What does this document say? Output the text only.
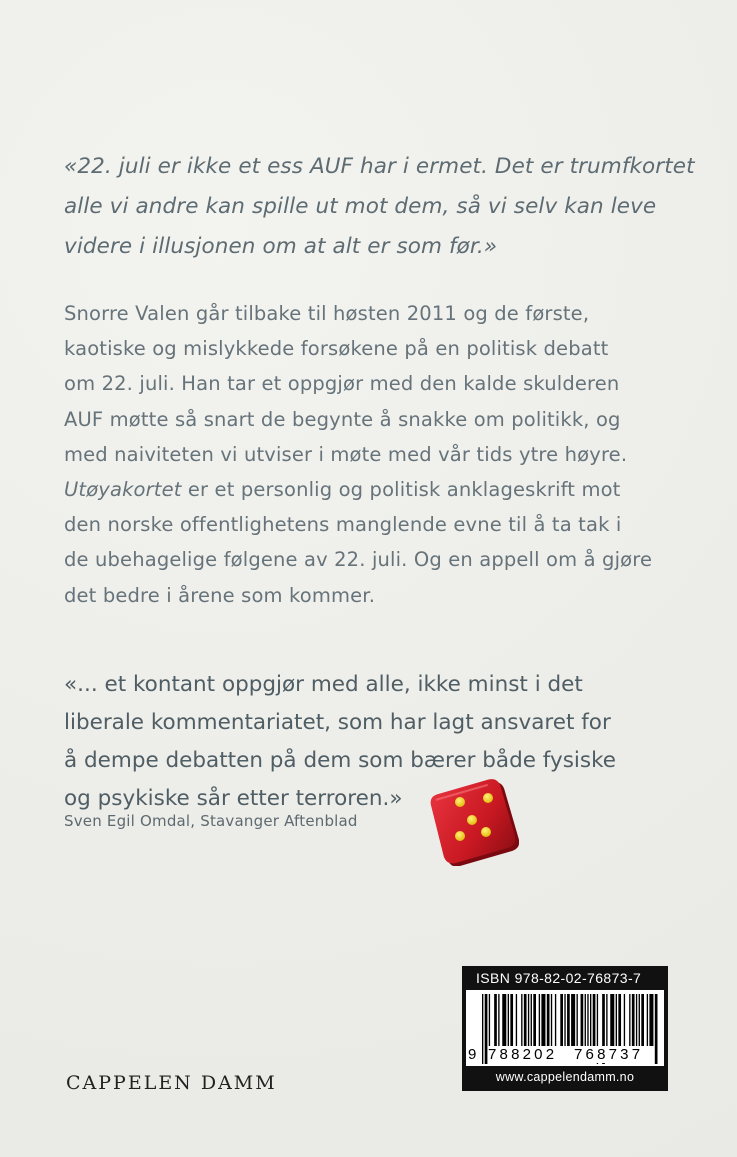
«22. juli er ikke et ess AUF har i ermet. Det er trumfkortet
alle vi andre kan spille ut mot dem, så vi selv kan leve
videre i illusjonen om at alt er som før.»
Snorre Valen går tilbake til høsten 2011 og de første,
kaotiske og mislykkede forsøkene på en politisk debatt
om 22. juli. Han tar et oppgjør med den kalde skulderen
AUF møtte så snart de begynte å snakke om politikk, og
med naiviteten vi utviser i møte med vår tids ytre høyre.
Utøyakortet er et personlig og politisk anklageskrift mot
den norske offentlighetens manglende evne til å ta tak i
de ubehagelige følgene av 22. juli. Og en appell om å gjøre
det bedre i årene som kommer.
«... et kontant oppgjør med alle, ikke minst i det
liberale kommentariatet, som har lagt ansvaret for
å dempe debatten på dem som bærer både fysiske
og psykiske sår etter terroren.»
Sven Egil Omdal, Stavanger Aftenblad
CAPPELEN DAMM
ISBN 978-82-02-76873-7
9 788202 768737
www.cappelendamm.no
